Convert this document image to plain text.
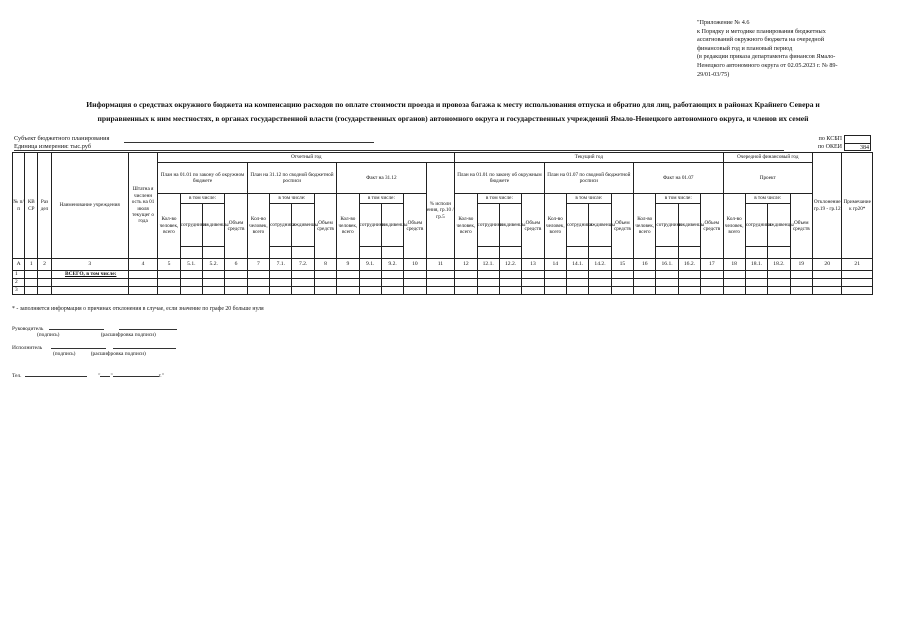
"Приложение № 4.6
к Порядку и методике планирования бюджетных
ассигнований окружного бюджета на очередной
финансовый год и плановый период
(в редакции приказа департамента финансов Ямало-
Ненецкого автономного округа от 02.05.2023 г. № 89-
29/01-03/75)
Информация о средствах окружного бюджета на компенсацию расходов по оплате стоимости проезда и провоза багажа к месту использования отпуска и обратно для лиц, работающих в районах Крайнего Севера и
приравненных к ним местностях, в органах государственной власти (государственных органов) автономного округа и государственных учреждений Ямало-Ненецкого автономного округа, и членов их семей
Субъект бюджетного планирования
Единица измерения: тыс.руб
по КСБП
по ОКЕИ	384
№ п/п	КВ СР	Раз дел	Наименование учреждения	Штатна я численн ость на 01 июля текущег о года	Отчетный год													Текущий год												Очередной финансовый год				Отклонение гр.19 - гр.12	Примечание к гр20*
					План на 01.01 по закону об окружном бюджете				План на 31.12 по сводной бюджетной росписи				Факт на 31.12				% исполн ения, гр.10 / гр.5	План на 01.01 по закону об окружным бюджете				План на 01.07 по сводной бюджетной росписи				Факт на 01.07				Проект					
					Кол-во человек, всего	в том числе:		Объем средств	Кол-во человек, всего	в том числе:		Объем средств	Кол-во человек, всего	в том числе:		Объем средств		Кол-во человек, всего	в том числе:		Объем средств	Кол-во человек, всего	в том числе:		Объем средств	Кол-во человек, всего	в том числе:		Объем средств	Кол-во человек, всего	в том числе:		Объем средств		
						сотрудники	иждивенцы			сотрудники	иждивенцы			сотрудники	иждивенцы				сотрудники	иждивенцы			сотрудники	иждивенцы			сотрудники	иждивенцы			сотрудники	иждивенцы			

А	1	2	3	4	5	5.1.	5.2.	6	7	7.1.	7.2.	8	9	9.1.	9.2.	10	11	12	12.1.	12.2.	13	14	14.1.	14.2.	15	16	16.1.	16.2.	17	18	18.1.	18.2.	19	20	21
1			ВСЕГО, в том числе:																																
2																																			
3																																			
* - заполняется информация о причинах отклонения в случае, если значение по графе 20 больше нуля
Руководитель
(подпись)	(расшифровка подписи)
Исполнитель
(подпись)	(расшифровка подписи)
Тел.	" "	г."
